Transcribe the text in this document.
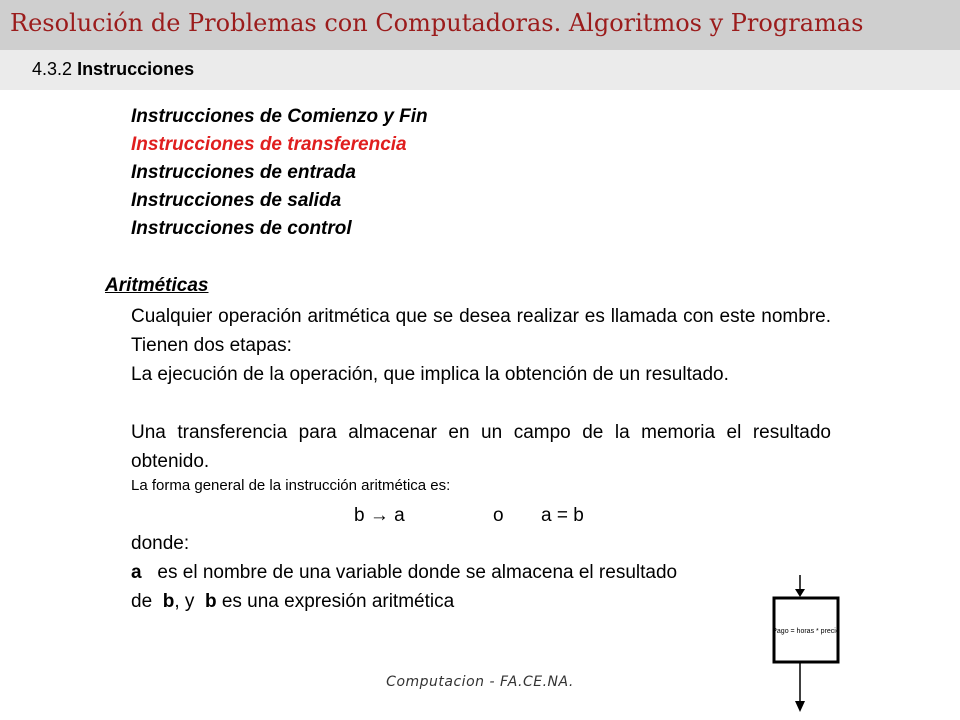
Resolución de Problemas con Computadoras. Algoritmos y Programas
4.3.2 Instrucciones
Instrucciones de Comienzo y Fin
Instrucciones de transferencia
Instrucciones de entrada
Instrucciones de salida
Instrucciones de control
Aritméticas
Cualquier operación aritmética que se desea realizar es llamada con este nombre. Tienen dos etapas:
La ejecución de la operación, que implica la obtención de un resultado.
Una transferencia para almacenar en un campo de la memoria el resultado obtenido.
La forma general de la instrucción aritmética es:
b → a	o a = b
donde:
a es el nombre de una variable donde se almacena el resultado
de b, y b es una expresión aritmética
Pago = horas * precio
Computacion - FA.CE.NA.
